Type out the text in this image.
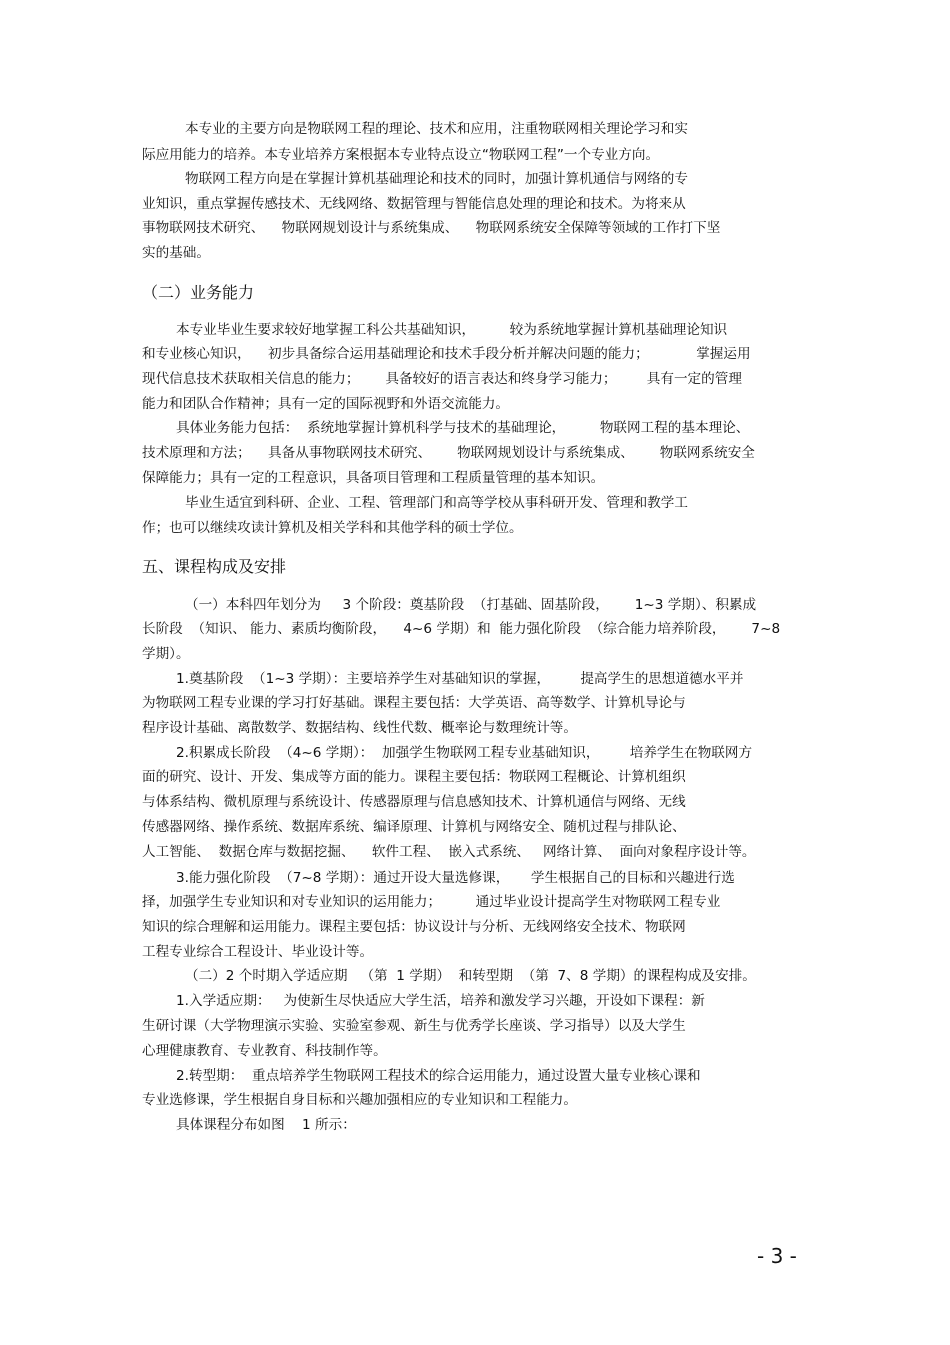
本专业的主要方向是物联网工程的理论、技术和应用，注重物联网相关理论学习和实
际应用能力的培养。本专业培养方案根据本专业特点设立“物联网工程”一个专业方向。
物联网工程方向是在掌握计算机基础理论和技术的同时，加强计算机通信与网络的专
业知识，重点掌握传感技术、无线网络、数据管理与智能信息处理的理论和技术。为将来从
事物联网技术研究、    物联网规划设计与系统集成、    物联网系统安全保障等领域的工作打下坚
实的基础。
（二）业务能力
本专业毕业生要求较好地掌握工科公共基础知识，        较为系统地掌握计算机基础理论知识
和专业核心知识，    初步具备综合运用基础理论和技术手段分析并解决问题的能力；           掌握运用
现代信息技术获取相关信息的能力；      具备较好的语言表达和终身学习能力；       具有一定的管理
能力和团队合作精神；具有一定的国际视野和外语交流能力。
具体业务能力包括：  系统地掌握计算机科学与技术的基础理论，        物联网工程的基本理论、
技术原理和方法；    具备从事物联网技术研究、      物联网规划设计与系统集成、      物联网系统安全
保障能力；具有一定的工程意识，具备项目管理和工程质量管理的基本知识。
毕业生适宜到科研、企业、工程、管理部门和高等学校从事科研开发、管理和教学工
作；也可以继续攻读计算机及相关学科和其他学科的硕士学位。
五、课程构成及安排
（一）本科四年划分为     3 个阶段：奠基阶段  （打基础、固基阶段，      1~3 学期）、积累成
长阶段  （知识、 能力、素质均衡阶段，    4~6 学期）和  能力强化阶段  （综合能力培养阶段，      7~8
学期）。
1.奠基阶段  （1~3 学期）：主要培养学生对基础知识的掌握，       提高学生的思想道德水平并
为物联网工程专业课的学习打好基础。课程主要包括：大学英语、高等数学、计算机导论与
程序设计基础、离散数学、数据结构、线性代数、概率论与数理统计等。
2.积累成长阶段  （4~6 学期）：  加强学生物联网工程专业基础知识，       培养学生在物联网方
面的研究、设计、开发、集成等方面的能力。课程主要包括：物联网工程概论、计算机组织
与体系结构、微机原理与系统设计、传感器原理与信息感知技术、计算机通信与网络、无线
传感器网络、操作系统、数据库系统、编译原理、计算机与网络安全、随机过程与排队论、
人工智能、  数据仓库与数据挖掘、    软件工程、  嵌入式系统、   网络计算、  面向对象程序设计等。
3.能力强化阶段  （7~8 学期）：通过开设大量选修课，     学生根据自己的目标和兴趣进行选
择，加强学生专业知识和对专业知识的运用能力；        通过毕业设计提高学生对物联网工程专业
知识的综合理解和运用能力。课程主要包括：协议设计与分析、无线网络安全技术、物联网
工程专业综合工程设计、毕业设计等。
（二）2 个时期入学适应期   （第  1 学期）  和转型期  （第  7、8 学期）的课程构成及安排。
1.入学适应期：   为使新生尽快适应大学生活，培养和激发学习兴趣，开设如下课程：新
生研讨课（大学物理演示实验、实验室参观、新生与优秀学长座谈、学习指导）以及大学生
心理健康教育、专业教育、科技制作等。
2.转型期：  重点培养学生物联网工程技术的综合运用能力，通过设置大量专业核心课和
专业选修课，学生根据自身目标和兴趣加强相应的专业知识和工程能力。
具体课程分布如图    1 所示：
- 3 -
